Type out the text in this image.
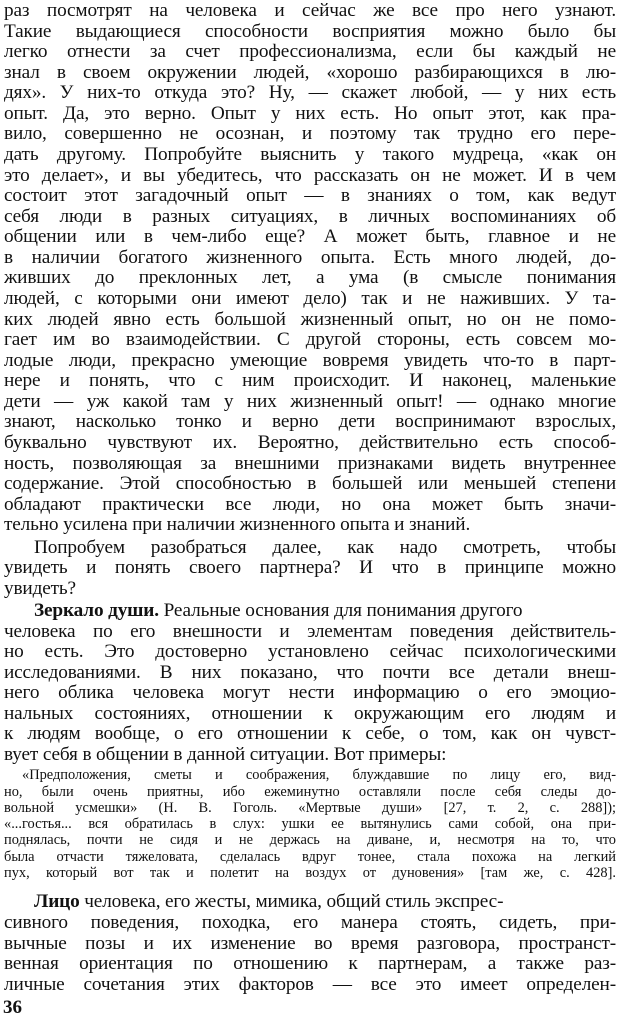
раз посмотрят на человека и сейчас же все про него узнают.
Такие выдающиеся способности восприятия можно было бы
легко отнести за счет профессионализма, если бы каждый не
знал в своем окружении людей, «хорошо разбирающихся в лю-
дях». У них-то откуда это? Ну, — скажет любой, — у них есть
опыт. Да, это верно. Опыт у них есть. Но опыт этот, как пра-
вило, совершенно не осознан, и поэтому так трудно его пере-
дать другому. Попробуйте выяснить у такого мудреца, «как он
это делает», и вы убедитесь, что рассказать он не может. И в чем
состоит этот загадочный опыт — в знаниях о том, как ведут
себя люди в разных ситуациях, в личных воспоминаниях об
общении или в чем-либо еще? А может быть, главное и не
в наличии богатого жизненного опыта. Есть много людей, до-
живших до преклонных лет, а ума (в смысле понимания
людей, с которыми они имеют дело) так и не наживших. У та-
ких людей явно есть большой жизненный опыт, но он не помо-
гает им во взаимодействии. С другой стороны, есть совсем мо-
лодые люди, прекрасно умеющие вовремя увидеть что-то в парт-
нере и понять, что с ним происходит. И наконец, маленькие
дети — уж какой там у них жизненный опыт! — однако многие
знают, насколько тонко и верно дети воспринимают взрослых,
буквально чувствуют их. Вероятно, действительно есть способ-
ность, позволяющая за внешними признаками видеть внутреннее
содержание. Этой способностью в большей или меньшей степени
обладают практически все люди, но она может быть значи-
тельно усилена при наличии жизненного опыта и знаний.
Попробуем разобраться далее, как надо смотреть, чтобы
увидеть и понять своего партнера? И что в принципе можно
увидеть?
Зеркало души. Реальные основания для понимания другого
человека по его внешности и элементам поведения действитель-
но есть. Это достоверно установлено сейчас психологическими
исследованиями. В них показано, что почти все детали внеш-
него облика человека могут нести информацию о его эмоцио-
нальных состояниях, отношении к окружающим его людям и
к людям вообще, о его отношении к себе, о том, как он чувст-
вует себя в общении в данной ситуации. Вот примеры:
«Предположения, сметы и соображения, блуждавшие по лицу его, вид-
но, были очень приятны, ибо ежеминутно оставляли после себя следы до-
вольной усмешки» (Н. В. Гоголь. «Мертвые души» [27, т. 2, с. 288]);
«...гостья... вся обратилась в слух: ушки ее вытянулись сами собой, она при-
поднялась, почти не сидя и не держась на диване, и, несмотря на то, что
была отчасти тяжеловата, сделалась вдруг тонее, стала похожа на легкий
пух, который вот так и полетит на воздух от дуновения» [там же, с. 428].
Лицо человека, его жесты, мимика, общий стиль экспрес-
сивного поведения, походка, его манера стоять, сидеть, при-
вычные позы и их изменение во время разговора, пространст-
венная ориентация по отношению к партнерам, а также раз-
личные сочетания этих факторов — все это имеет определен-
36
